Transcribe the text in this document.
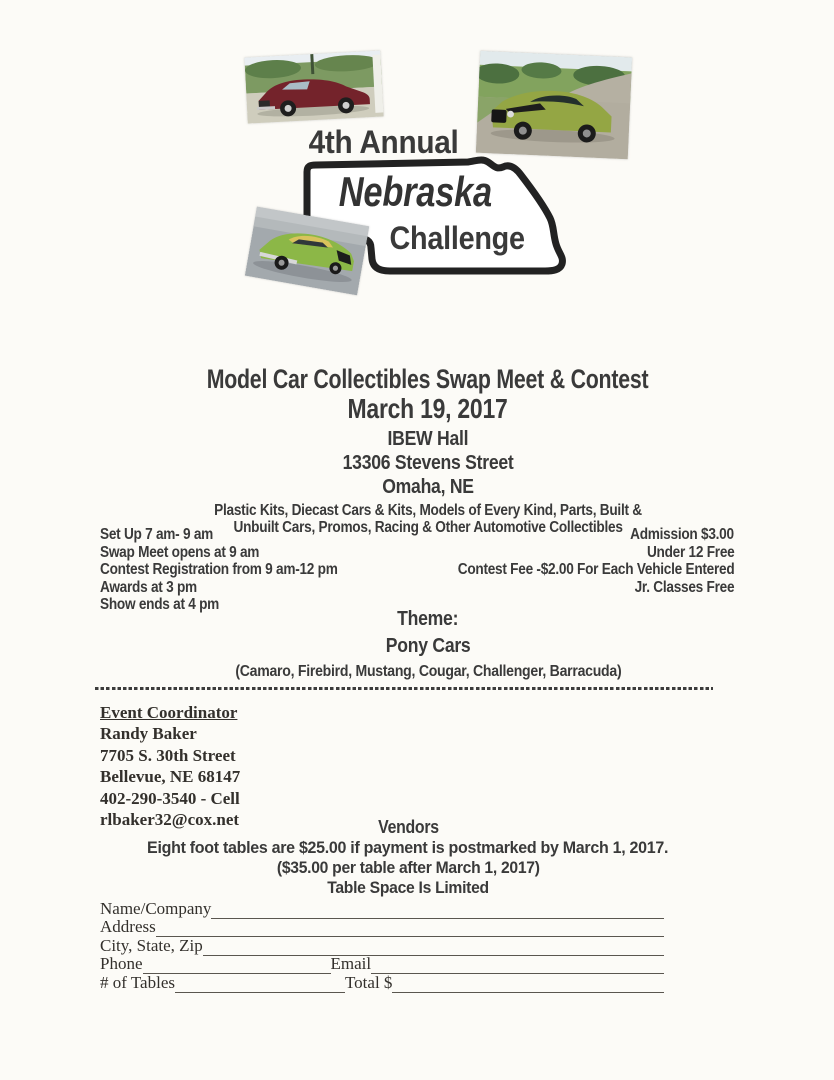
4th Annual
Nebraska
Challenge
Model Car Collectibles Swap Meet & Contest
March 19, 2017
IBEW Hall
13306 Stevens Street
Omaha, NE
Plastic Kits, Diecast Cars & Kits, Models of Every Kind, Parts, Built &
Unbuilt Cars, Promos, Racing & Other Automotive Collectibles
Set Up 7 am- 9 am
Swap Meet opens at 9 am
Contest Registration from 9 am-12 pm
Awards at 3 pm
Show ends at 4 pm
Admission $3.00
Under 12 Free
Contest Fee -$2.00 For Each Vehicle Entered
Jr. Classes Free
Theme:
Pony Cars
(Camaro, Firebird, Mustang, Cougar, Challenger, Barracuda)
Event Coordinator
Randy Baker
7705 S. 30th Street
Bellevue, NE 68147
402-290-3540 - Cell
rlbaker32@cox.net	Vendors
Eight foot tables are $25.00 if payment is postmarked by March 1, 2017.
($35.00 per table after March 1, 2017)
Table Space Is Limited
Name/Company
Address
City, State, Zip
Phone	Email
# of Tables	Total $
